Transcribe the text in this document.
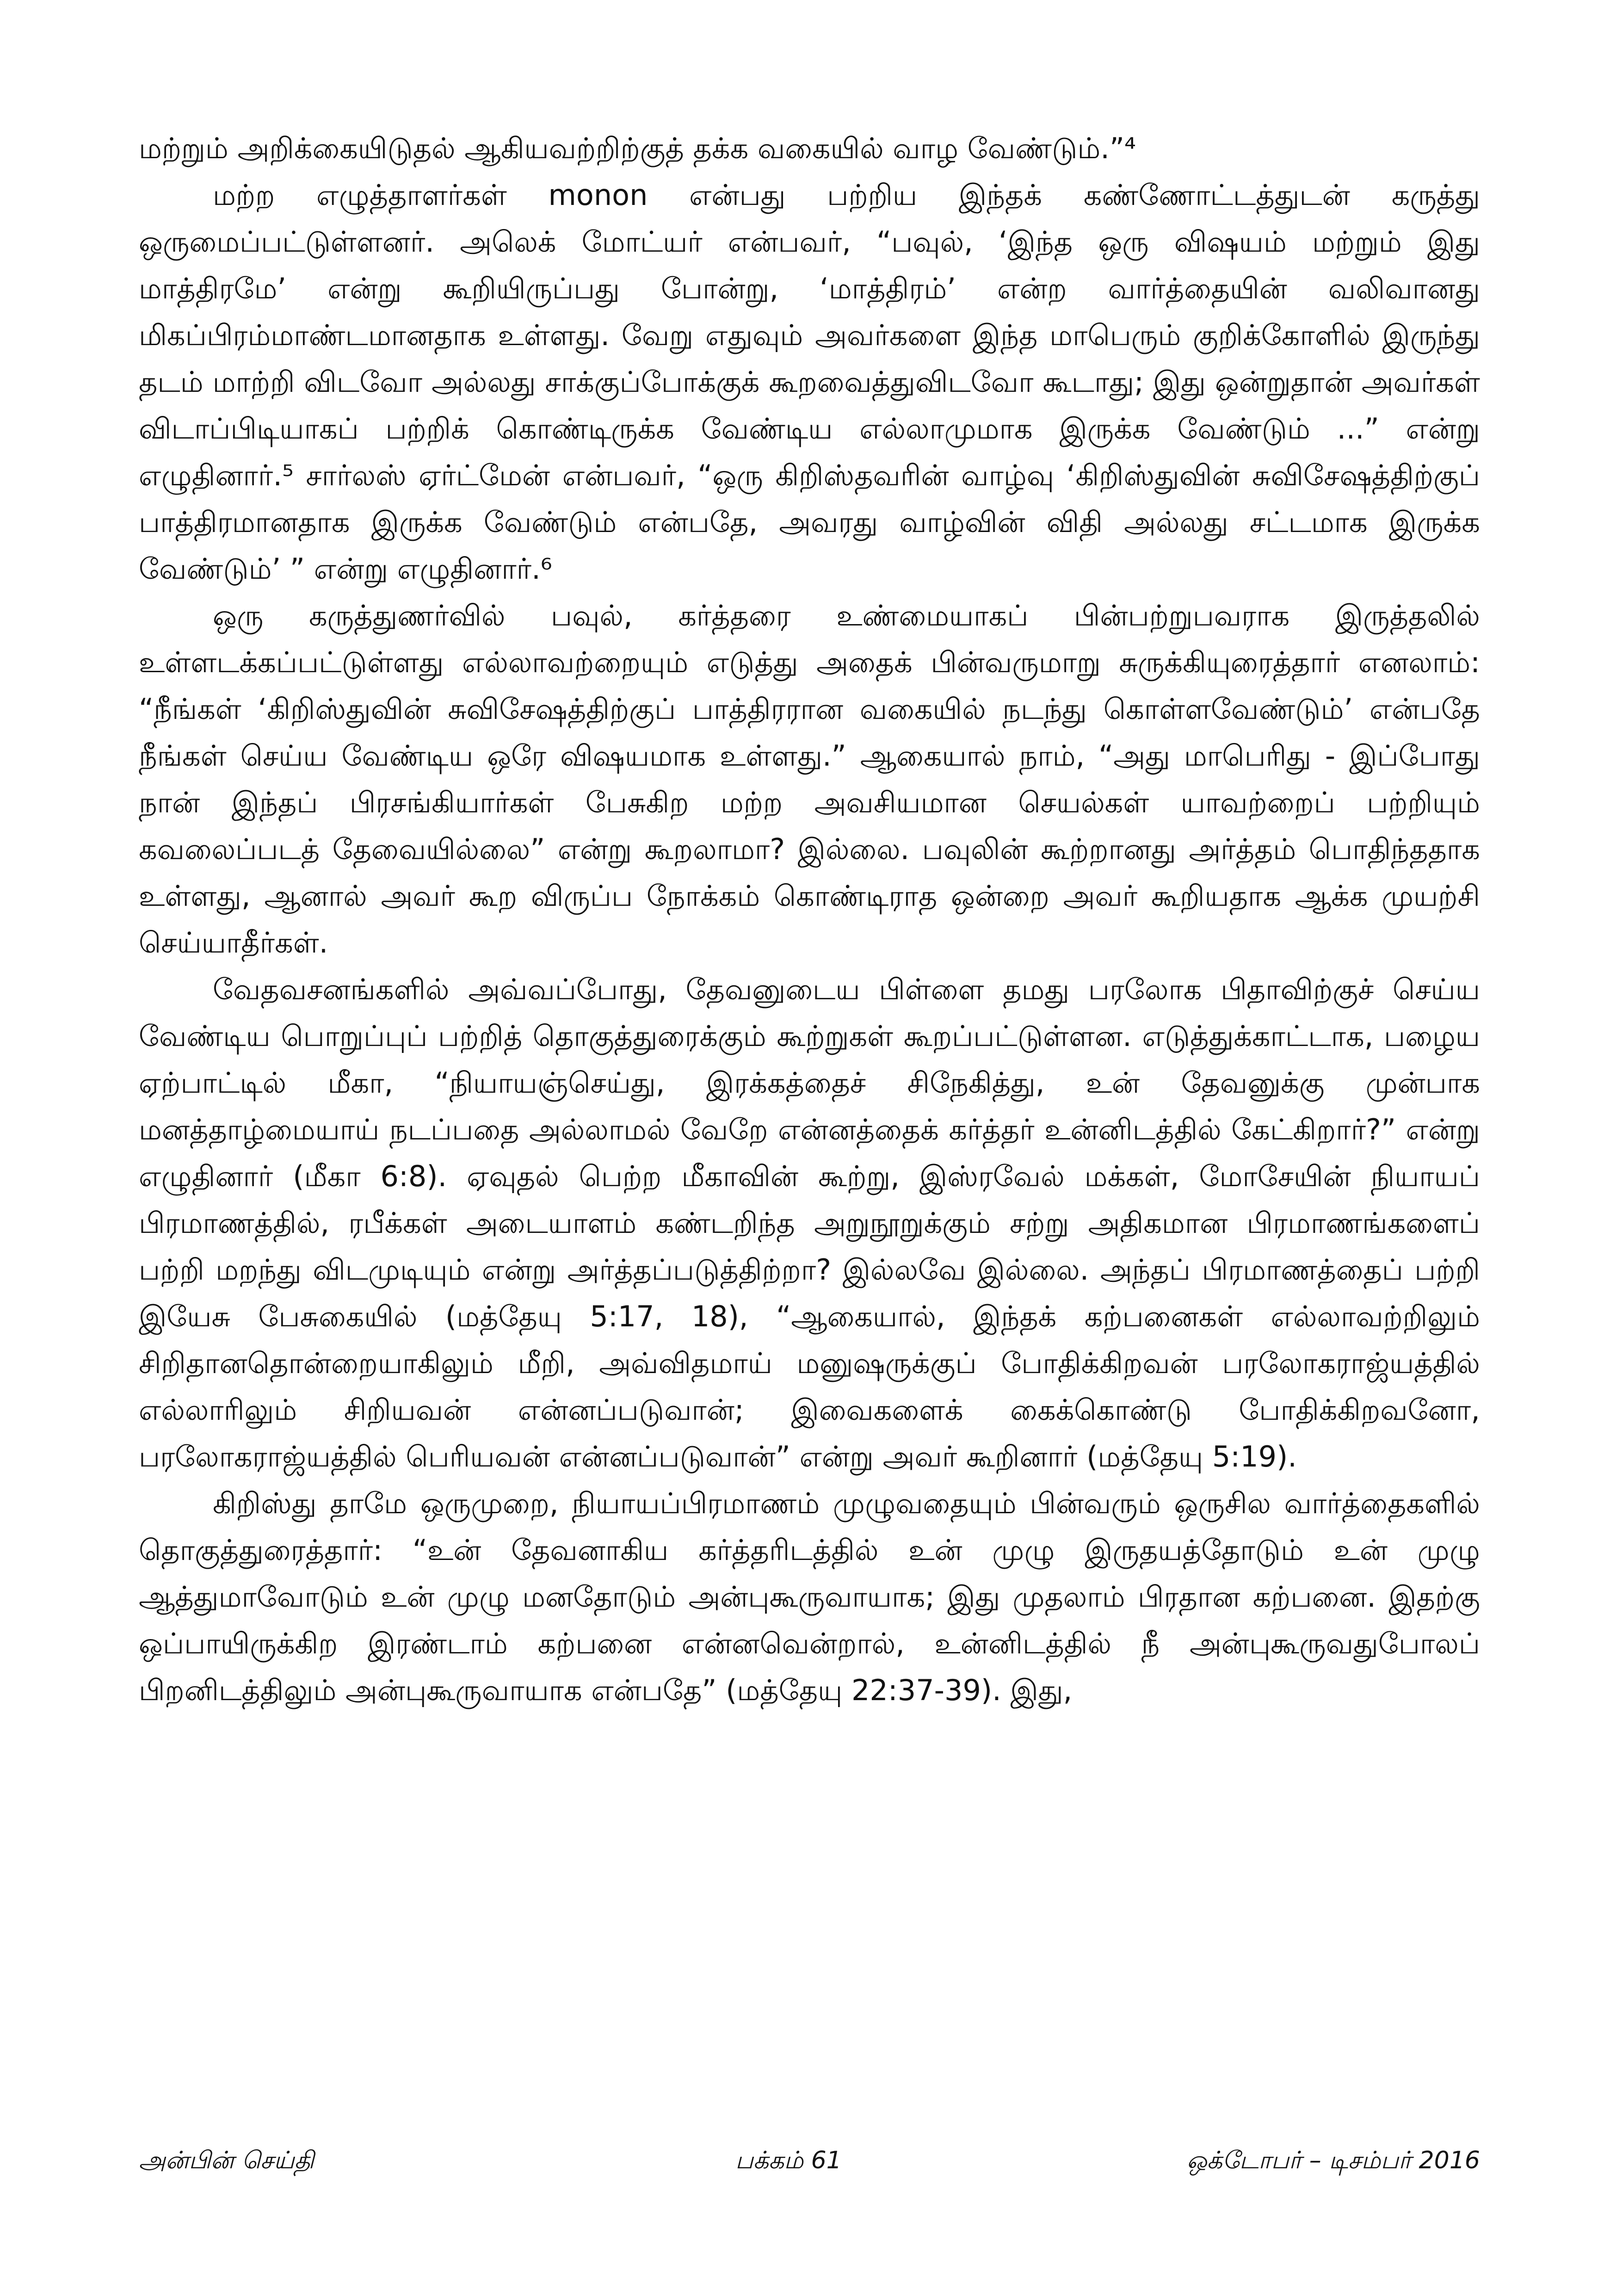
மற்றும் அறிக்கையிடுதல் ஆகியவற்றிற்குத் தக்க வகையில் வாழ வேண்டும்.”⁴

மற்ற எழுத்தாளர்கள் monon என்பது பற்றிய இந்தக் கண்ணோட்டத்துடன் கருத்து ஒருமைப்பட்டுள்ளனர். அலெக் மோட்யர் என்பவர், “பவுல், ‘இந்த ஒரு விஷயம் மற்றும் இது மாத்திரமே’ என்று கூறியிருப்பது போன்று, ‘மாத்திரம்’ என்ற வார்த்தையின் வலிவானது மிகப்பிரம்மாண்டமானதாக உள்ளது. வேறு எதுவும் அவர்களை இந்த மாபெரும் குறிக்கோளில் இருந்து தடம் மாற்றி விடவோ அல்லது சாக்குப்போக்குக் கூறவைத்துவிடவோ கூடாது; இது ஒன்றுதான் அவர்கள் விடாப்பிடியாகப் பற்றிக் கொண்டிருக்க வேண்டிய எல்லாமுமாக இருக்க வேண்டும் ...” என்று எழுதினார்.⁵ சார்லஸ் ஏர்ட்மேன் என்பவர், “ஒரு கிறிஸ்தவரின் வாழ்வு ‘கிறிஸ்துவின் சுவிசேஷத்திற்குப் பாத்திரமானதாக இருக்க வேண்டும் என்பதே, அவரது வாழ்வின் விதி அல்லது சட்டமாக இருக்க வேண்டும்’ ” என்று எழுதினார்.⁶

ஒரு கருத்துணர்வில் பவுல், கர்த்தரை உண்மையாகப் பின்பற்றுபவராக இருத்தலில் உள்ளடக்கப்பட்டுள்ளது எல்லாவற்றையும் எடுத்து அதைக் பின்வருமாறு சுருக்கியுரைத்தார் எனலாம்: “நீங்கள் ‘கிறிஸ்துவின் சுவிசேஷத்திற்குப் பாத்திரரான வகையில் நடந்து கொள்ளவேண்டும்’ என்பதே நீங்கள் செய்ய வேண்டிய ஒரே விஷயமாக உள்ளது.” ஆகையால் நாம், “அது மாபெரிது - இப்போது நான் இந்தப் பிரசங்கியார்கள் பேசுகிற மற்ற அவசியமான செயல்கள் யாவற்றைப் பற்றியும் கவலைப்படத் தேவையில்லை” என்று கூறலாமா? இல்லை. பவுலின் கூற்றானது அர்த்தம் பொதிந்ததாக உள்ளது, ஆனால் அவர் கூற விருப்ப நோக்கம் கொண்டிராத ஒன்றை அவர் கூறியதாக ஆக்க முயற்சி செய்யாதீர்கள்.

வேதவசனங்களில் அவ்வப்போது, தேவனுடைய பிள்ளை தமது பரலோக பிதாவிற்குச் செய்ய வேண்டிய பொறுப்புப் பற்றித் தொகுத்துரைக்கும் கூற்றுகள் கூறப்பட்டுள்ளன. எடுத்துக்காட்டாக, பழைய ஏற்பாட்டில் மீகா, “நியாயஞ்செய்து, இரக்கத்தைச் சிநேகித்து, உன் தேவனுக்கு முன்பாக மனத்தாழ்மையாய் நடப்பதை அல்லாமல் வேறே என்னத்தைக் கர்த்தர் உன்னிடத்தில் கேட்கிறார்?” என்று எழுதினார் (மீகா 6:8). ஏவுதல் பெற்ற மீகாவின் கூற்று, இஸ்ரவேல் மக்கள், மோசேயின் நியாயப் பிரமாணத்தில், ரபீக்கள் அடையாளம் கண்டறிந்த அறுநூறுக்கும் சற்று அதிகமான பிரமாணங்களைப் பற்றி மறந்து விடமுடியும் என்று அர்த்தப்படுத்திற்றா? இல்லவே இல்லை. அந்தப் பிரமாணத்தைப் பற்றி இயேசு பேசுகையில் (மத்தேயு 5:17, 18), “ஆகையால், இந்தக் கற்பனைகள் எல்லாவற்றிலும் சிறிதானதொன்றையாகிலும் மீறி, அவ்விதமாய் மனுஷருக்குப் போதிக்கிறவன் பரலோகராஜ்யத்தில் எல்லாரிலும் சிறியவன் என்னப்படுவான்; இவைகளைக் கைக்கொண்டு போதிக்கிறவனோ, பரலோகராஜ்யத்தில் பெரியவன் என்னப்படுவான்” என்று அவர் கூறினார் (மத்தேயு 5:19).

கிறிஸ்து தாமே ஒருமுறை, நியாயப்பிரமாணம் முழுவதையும் பின்வரும் ஒருசில வார்த்தைகளில் தொகுத்துரைத்தார்: “உன் தேவனாகிய கர்த்தரிடத்தில் உன் முழு இருதயத்தோடும் உன் முழு ஆத்துமாவோடும் உன் முழு மனதோடும் அன்புகூருவாயாக; இது முதலாம் பிரதான கற்பனை. இதற்கு ஒப்பாயிருக்கிற இரண்டாம் கற்பனை என்னவென்றால், உன்னிடத்தில் நீ அன்புகூருவதுபோலப் பிறனிடத்திலும் அன்புகூருவாயாக என்பதே” (மத்தேயு 22:37-39). இது,

அன்பின் செய்தி	பக்கம் 61	ஒக்டோபர் – டிசம்பர் 2016
